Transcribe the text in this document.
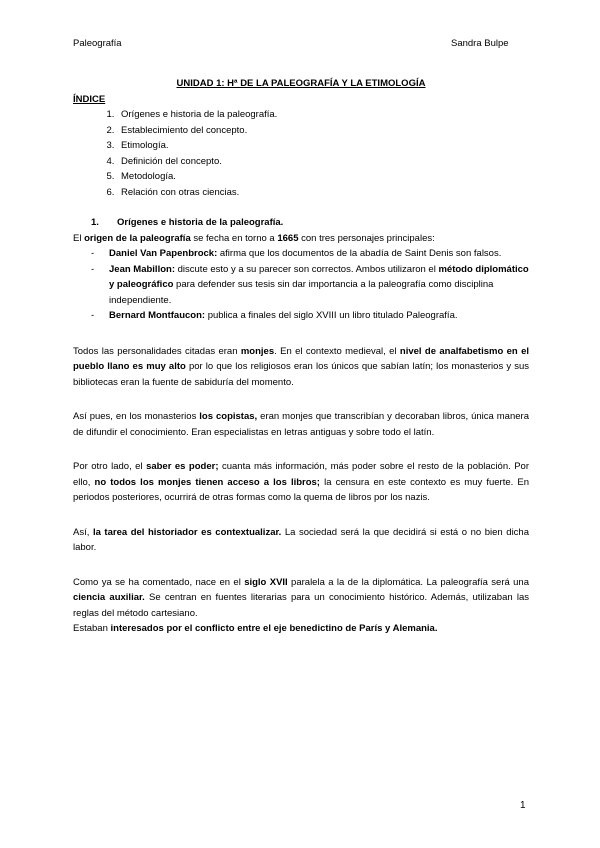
Paleografía	Sandra Bulpe

UNIDAD 1: Hª DE LA PALEOGRAFÍA Y LA ETIMOLOGÍA

ÍNDICE

1. Orígenes e historia de la paleografía.
2. Establecimiento del concepto.
3. Etimología.
4. Definición del concepto.
5. Metodología.
6. Relación con otras ciencias.

1. Orígenes e historia de la paleografía.

El origen de la paleografía se fecha en torno a 1665 con tres personajes principales:

- Daniel Van Papenbrock: afirma que los documentos de la abadía de Saint Denis son falsos.
- Jean Mabillon: discute esto y a su parecer son correctos. Ambos utilizaron el método diplomático y paleográfico para defender sus tesis sin dar importancia a la paleografía como disciplina independiente.
- Bernard Montfaucon: publica a finales del siglo XVIII un libro titulado Paleografía.

Todos las personalidades citadas eran monjes. En el contexto medieval, el nivel de analfabetismo en el pueblo llano es muy alto por lo que los religiosos eran los únicos que sabían latín; los monasterios y sus bibliotecas eran la fuente de sabiduría del momento.

Así pues, en los monasterios los copistas, eran monjes que transcribían y decoraban libros, única manera de difundir el conocimiento. Eran especialistas en letras antiguas y sobre todo el latín.

Por otro lado, el saber es poder; cuanta más información, más poder sobre el resto de la población. Por ello, no todos los monjes tienen acceso a los libros; la censura en este contexto es muy fuerte. En periodos posteriores, ocurrirá de otras formas como la quema de libros por los nazis.

Así, la tarea del historiador es contextualizar. La sociedad será la que decidirá si está o no bien dicha labor.

Como ya se ha comentado, nace en el siglo XVII paralela a la de la diplomática. La paleografía será una ciencia auxiliar. Se centran en fuentes literarias para un conocimiento histórico. Además, utilizaban las reglas del método cartesiano.

Estaban interesados por el conflicto entre el eje benedictino de París y Alemania.

1
